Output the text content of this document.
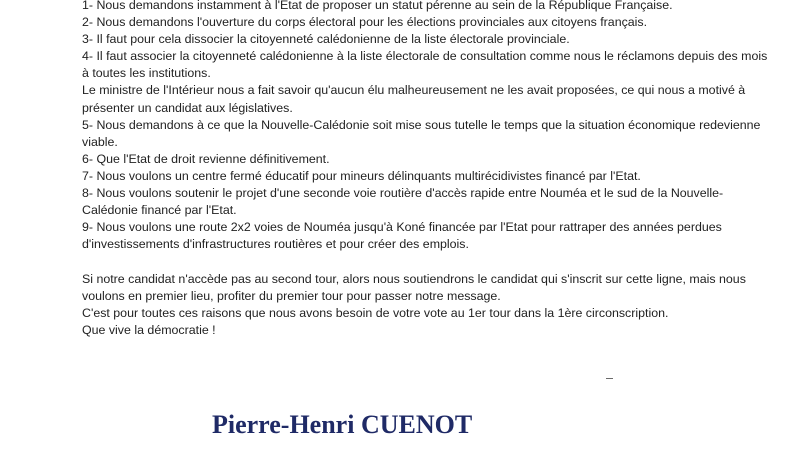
1- Nous demandons instamment à l'Etat de proposer un statut pérenne au sein de la République Française.

2- Nous demandons l'ouverture du corps électoral pour les élections provinciales aux citoyens français.

3- Il faut pour cela dissocier la citoyenneté calédonienne de la liste électorale provinciale.

4- Il faut associer la citoyenneté calédonienne à la liste électorale de consultation comme nous le réclamons depuis des mois

à toutes les institutions.

Le ministre de l'Intérieur nous a fait savoir qu'aucun élu malheureusement ne les avait proposées, ce qui nous a motivé à

présenter un candidat aux législatives.

5- Nous demandons à ce que la Nouvelle-Calédonie soit mise sous tutelle le temps que la situation économique redevienne

viable.

6- Que l'Etat de droit revienne définitivement.

7- Nous voulons un centre fermé éducatif pour mineurs délinquants multirécidivistes financé par l'Etat.

8- Nous voulons soutenir le projet d'une seconde voie routière d'accès rapide entre Nouméa et le sud de la Nouvelle-

Calédonie financé par l'Etat.

9- Nous voulons une route 2x2 voies de Nouméa jusqu'à Koné financée par l'Etat pour rattraper des années perdues

d'investissements d'infrastructures routières et pour créer des emplois.

Si notre candidat n'accède pas au second tour, alors nous soutiendrons le candidat qui s'inscrit sur cette ligne, mais nous

voulons en premier lieu, profiter du premier tour pour passer notre message.

C'est pour toutes ces raisons que nous avons besoin de votre vote au 1er tour dans la 1ère circonscription.

Que vive la démocratie !

Pierre-Henri CUENOT
